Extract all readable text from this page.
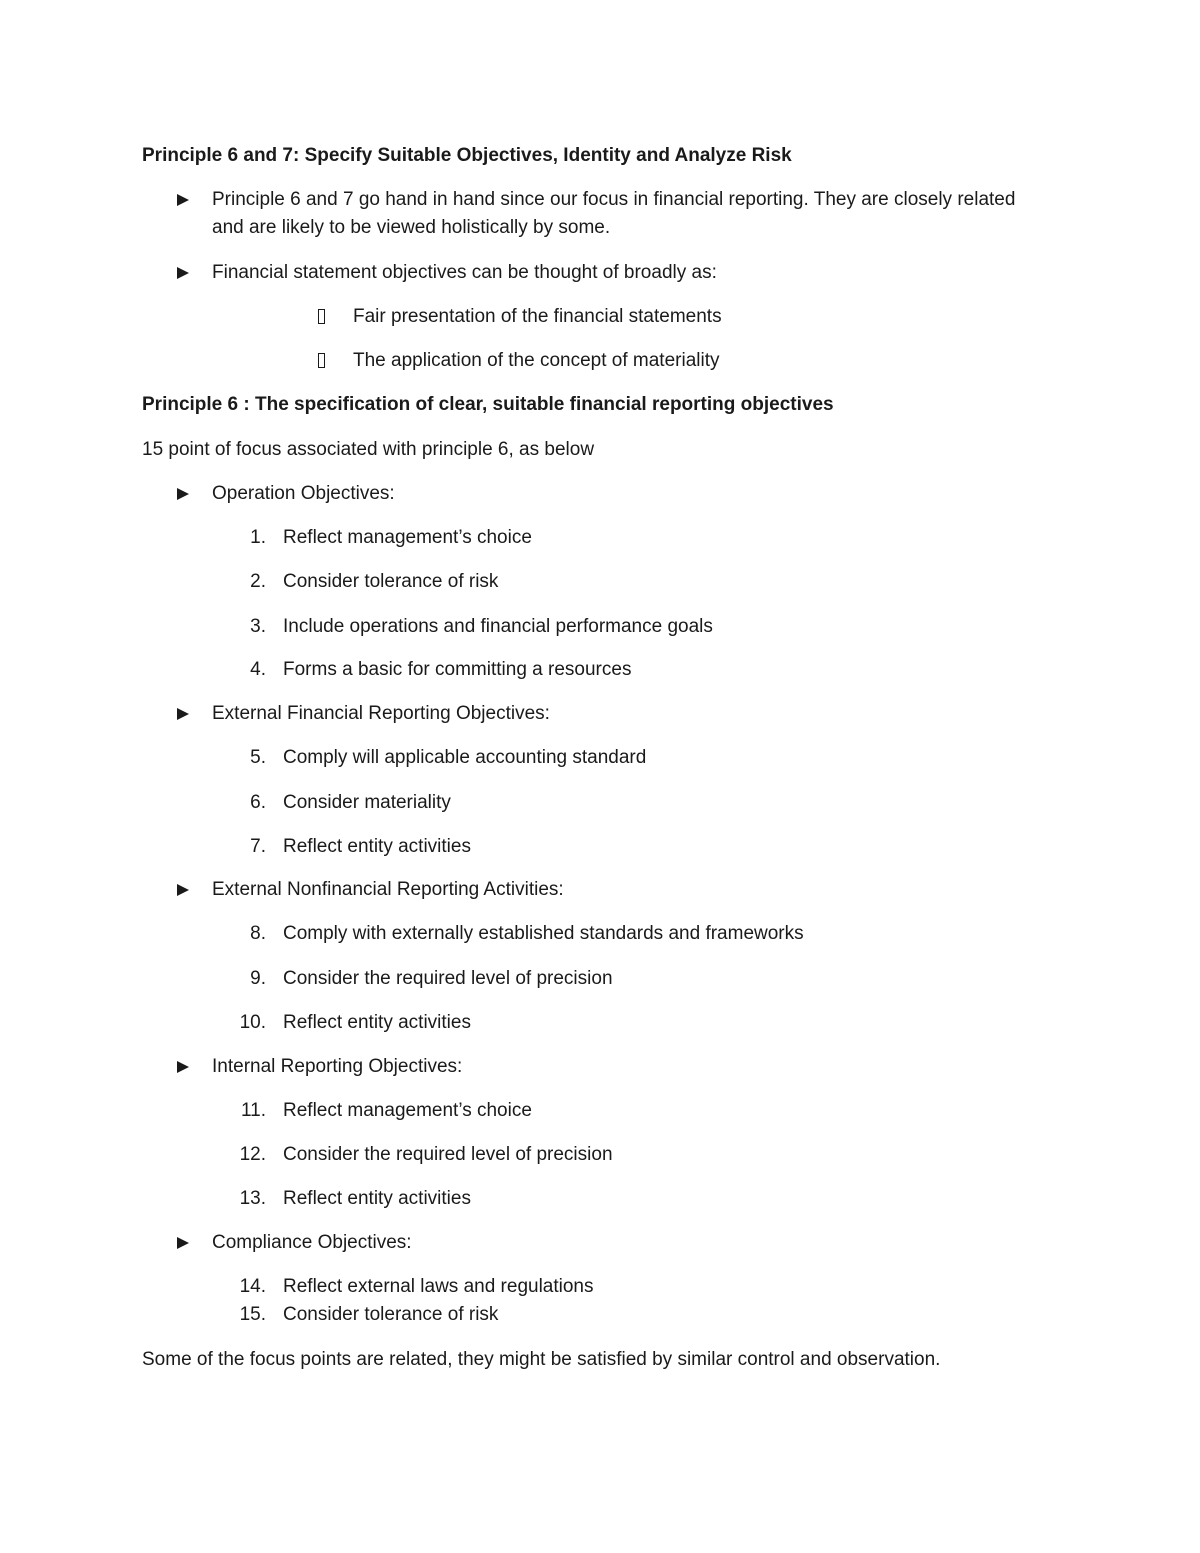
Principle 6 and 7: Specify Suitable Objectives, Identity and Analyze Risk
Principle 6 and 7 go hand in hand since our focus in financial reporting. They are closely related
and are likely to be viewed holistically by some.
Financial statement objectives can be thought of broadly as:
Fair presentation of the financial statements
The application of the concept of materiality
Principle 6 : The specification of clear, suitable financial reporting objectives
15 point of focus associated with principle 6, as below
Operation Objectives:
1. Reflect management’s choice
2. Consider tolerance of risk
3. Include operations and financial performance goals
4. Forms a basic for committing a resources
External Financial Reporting Objectives:
5. Comply will applicable accounting standard
6. Consider materiality
7. Reflect entity activities
External Nonfinancial Reporting Activities:
8. Comply with externally established standards and frameworks
9. Consider the required level of precision
10. Reflect entity activities
Internal Reporting Objectives:
11. Reflect management’s choice
12. Consider the required level of precision
13. Reflect entity activities
Compliance Objectives:
14. Reflect external laws and regulations
15. Consider tolerance of risk
Some of the focus points are related, they might be satisfied by similar control and observation.
